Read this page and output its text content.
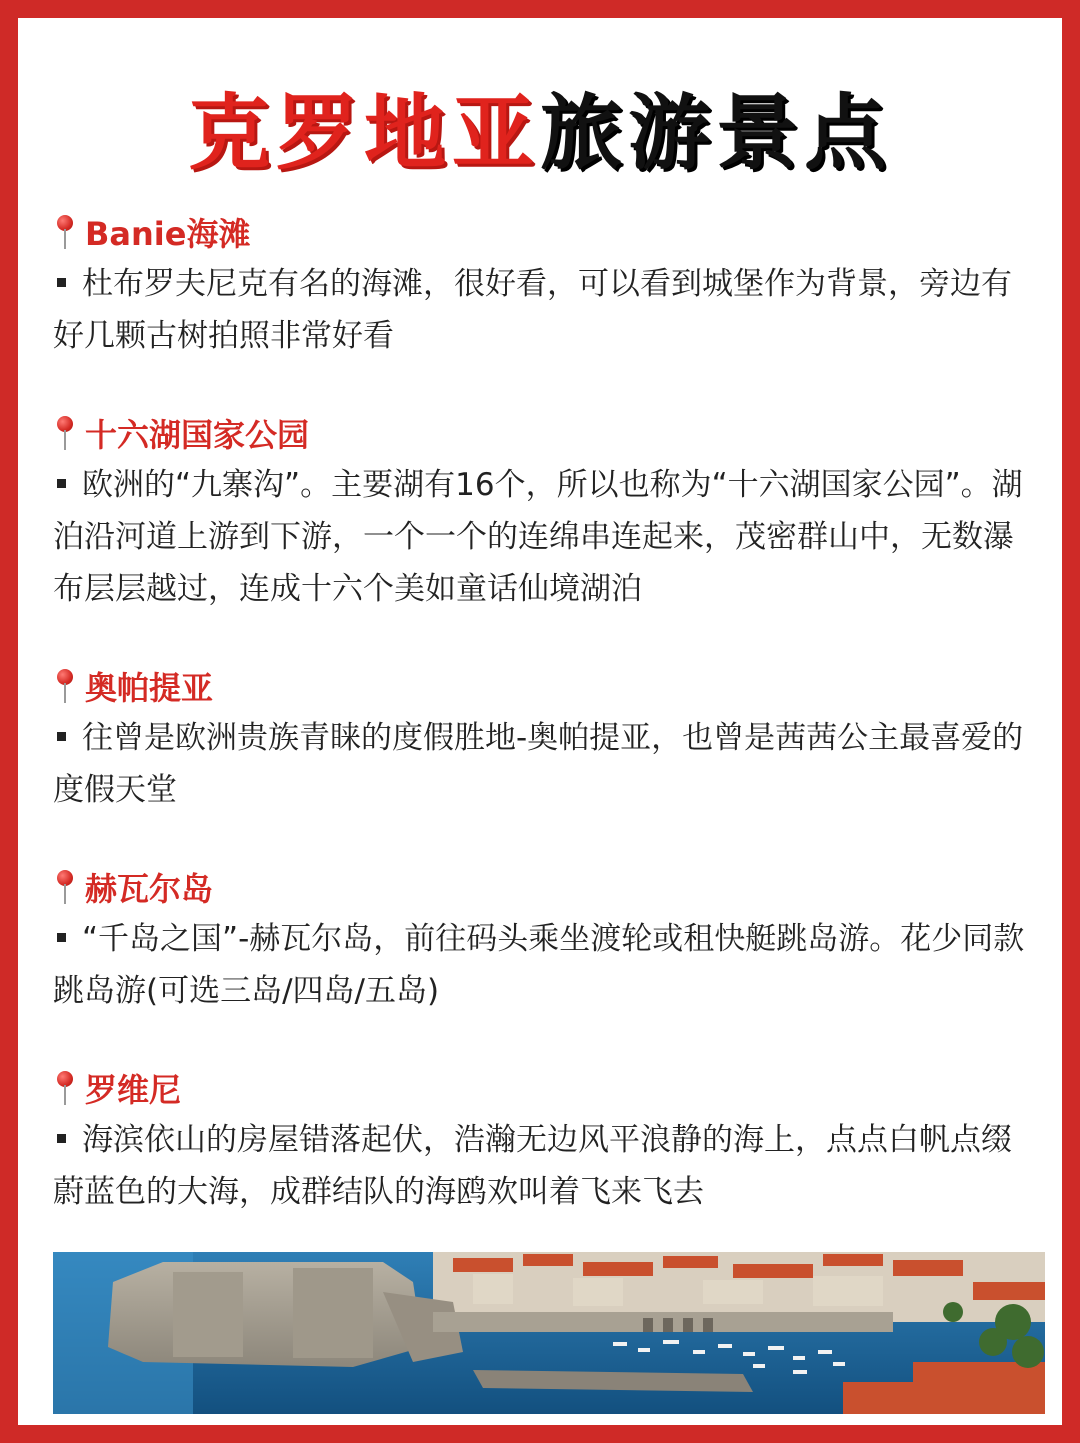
克罗地亚旅游景点
Banie海滩

杜布罗夫尼克有名的海滩，很好看，可以看到城堡作为背景，旁边有好几颗古树拍照非常好看

十六湖国家公园

欧洲的“九寨沟”。主要湖有16个，所以也称为“十六湖国家公园”。湖泊沿河道上游到下游，一个一个的连绵串连起来，茂密群山中，无数瀑布层层越过，连成十六个美如童话仙境湖泊

奥帕提亚

往曾是欧洲贵族青睐的度假胜地-奥帕提亚，也曾是茜茜公主最喜爱的度假天堂

赫瓦尔岛

“千岛之国”-赫瓦尔岛，前往码头乘坐渡轮或租快艇跳岛游。花少同款跳岛游(可选三岛/四岛/五岛)

罗维尼

海滨依山的房屋错落起伏，浩瀚无边风平浪静的海上，点点白帆点缀蔚蓝色的大海，成群结队的海鸥欢叫着飞来飞去
